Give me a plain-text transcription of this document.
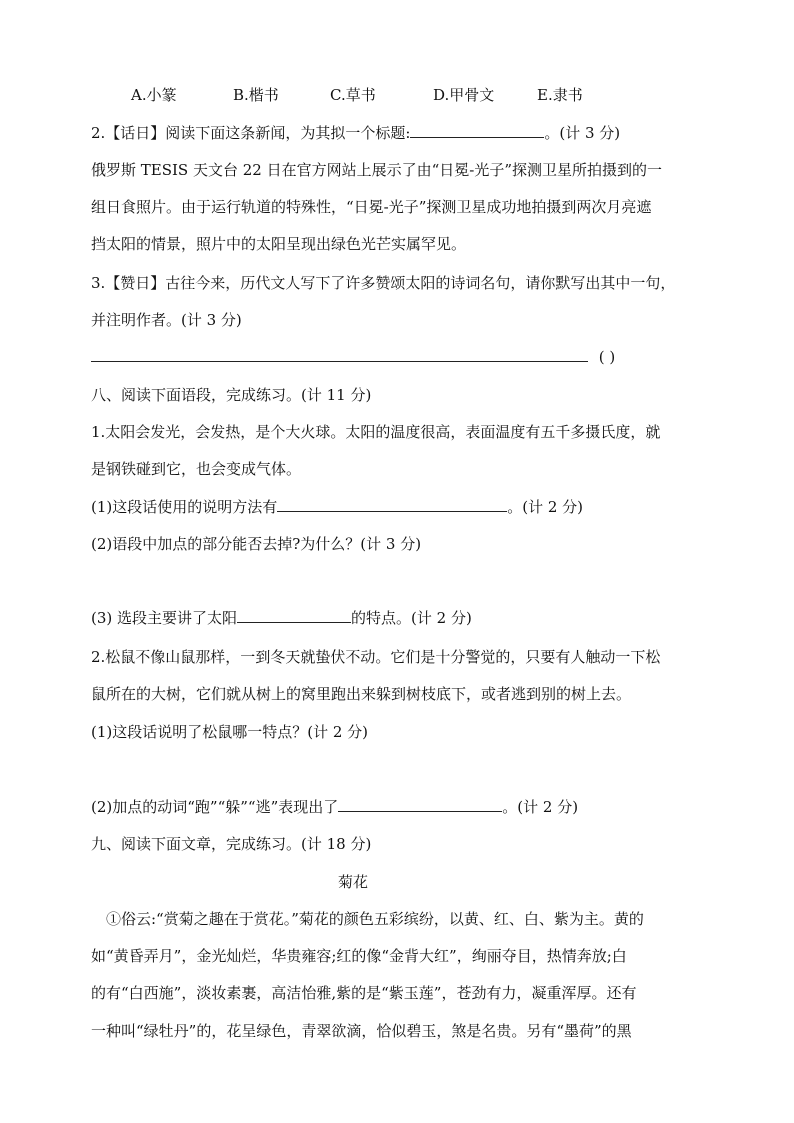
A.小篆	B.楷书	C.草书	D.甲骨文	E.隶书
2.【话日】阅读下面这条新闻，为其拟一个标题:	。(计 3 分)
俄罗斯 TESIS 天文台 22 日在官方网站上展示了由“日冕-光子”探测卫星所拍摄到的一
组日食照片。由于运行轨道的特殊性，“日冕-光子”探测卫星成功地拍摄到两次月亮遮
挡太阳的情景，照片中的太阳呈现出绿色光芒实属罕见。
3.【赞日】古往今来，历代文人写下了许多赞颂太阳的诗词名句，请你默写出其中一句，
并注明作者。(计 3 分)
( )
八、阅读下面语段，完成练习。(计 11 分)
1.太阳会发光，会发热，是个大火球。太阳的温度很高，表面温度有五千多摄氏度，就
是钢铁碰到它，也会变成气体。
(1)这段话使用的说明方法有	。(计 2 分)
(2)语段中加点的部分能否去掉?为什么？(计 3 分)
(3) 选段主要讲了太阳	的特点。(计 2 分)
2.松鼠不像山鼠那样，一到冬天就蛰伏不动。它们是十分警觉的，只要有人触动一下松
鼠所在的大树，它们就从树上的窝里跑出来躲到树枝底下，或者逃到别的树上去。
(1)这段话说明了松鼠哪一特点？(计 2 分)
(2)加点的动词“跑”“躲”“逃”表现出了	。(计 2 分)
九、阅读下面文章，完成练习。(计 18 分)
菊花
①俗云:“赏菊之趣在于赏花。”菊花的颜色五彩缤纷，以黄、红、白、紫为主。黄的
如“黄昏弄月”，金光灿烂，华贵雍容;红的像“金背大红”，绚丽夺目，热情奔放;白
的有“白西施”，淡妆素裹，高洁怡雅,紫的是“紫玉莲”，苍劲有力，凝重浑厚。还有
一种叫“绿牡丹”的，花呈绿色，青翠欲滴，恰似碧玉，煞是名贵。另有“墨荷”的黑
